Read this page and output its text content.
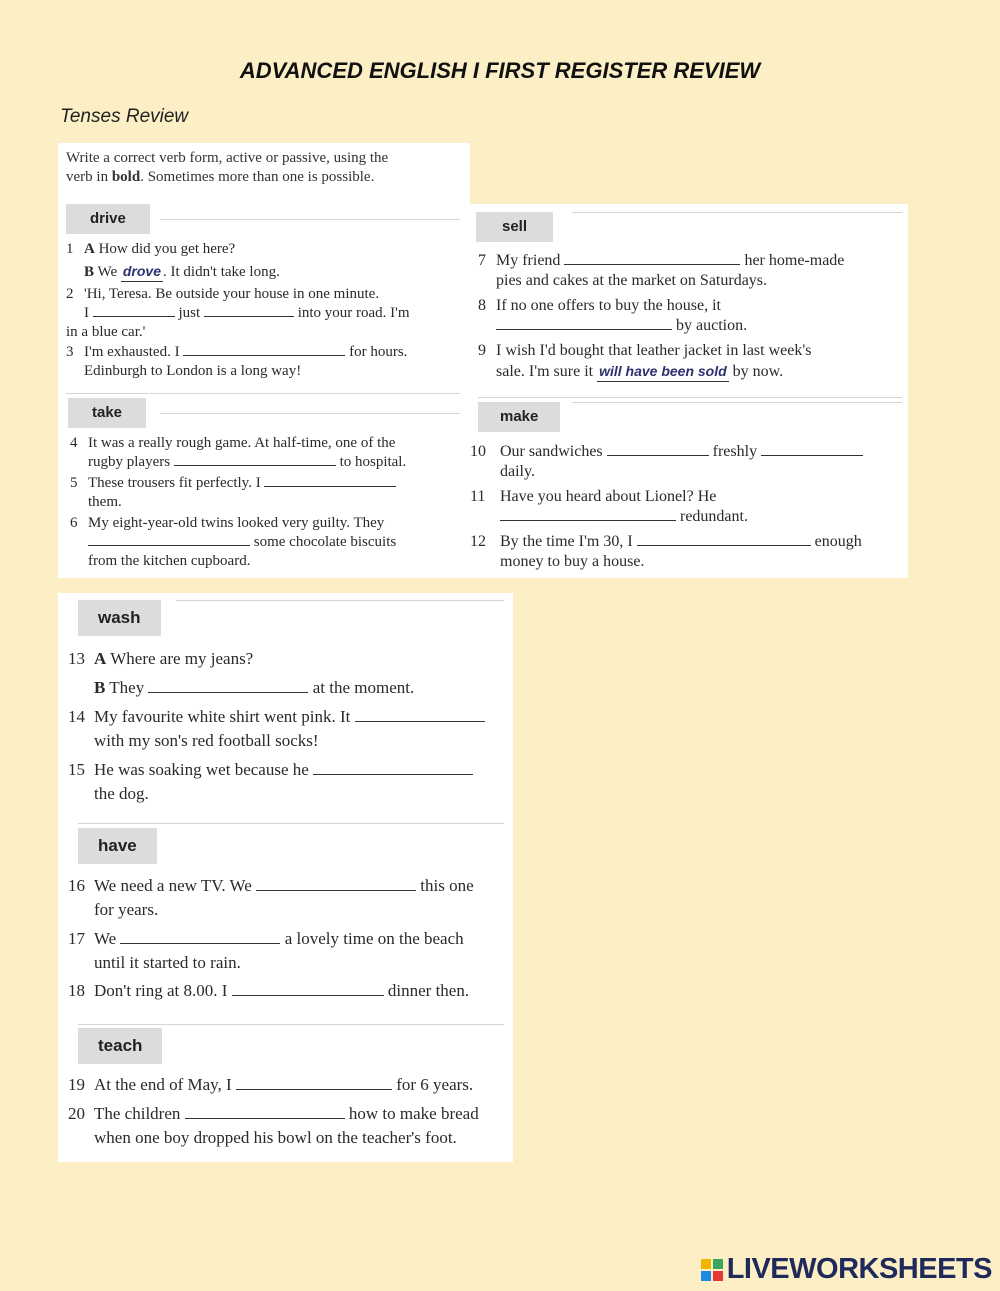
ADVANCED ENGLISH I FIRST REGISTER REVIEW
Tenses Review
Write a correct verb form, active or passive, using the
verb in bold. Sometimes more than one is possible.
drive
1 A How did you get here?
B We drove . It didn't take long.
2 'Hi, Teresa. Be outside your house in one minute.
I	just	into your road. I'm
in a blue car.'
3 I'm exhausted. I	for hours.
Edinburgh to London is a long way!
take
4 It was a really rough game. At half-time, one of the
rugby players	to hospital.
5 These trousers fit perfectly. I
them.
6 My eight-year-old twins looked very guilty. They
some chocolate biscuits
from the kitchen cupboard.
sell
7 My friend	her home-made
pies and cakes at the market on Saturdays.
8 If no one offers to buy the house, it
by auction.
9 I wish I'd bought that leather jacket in last week's
sale. I'm sure it will have been sold by now.
make
10 Our sandwiches	freshly
daily.
11 Have you heard about Lionel? He
redundant.
12 By the time I'm 30, I	enough
money to buy a house.
wash
13 A Where are my jeans?
B They	at the moment.
14 My favourite white shirt went pink. It
with my son's red football socks!
15 He was soaking wet because he
the dog.
have
16 We need a new TV. We	this one
for years.
17 We	a lovely time on the beach
until it started to rain.
18 Don't ring at 8.00. I	dinner then.
teach
19 At the end of May, I	for 6 years.
20 The children	how to make bread
when one boy dropped his bowl on the teacher's foot.
LIVEWORKSHEETS
